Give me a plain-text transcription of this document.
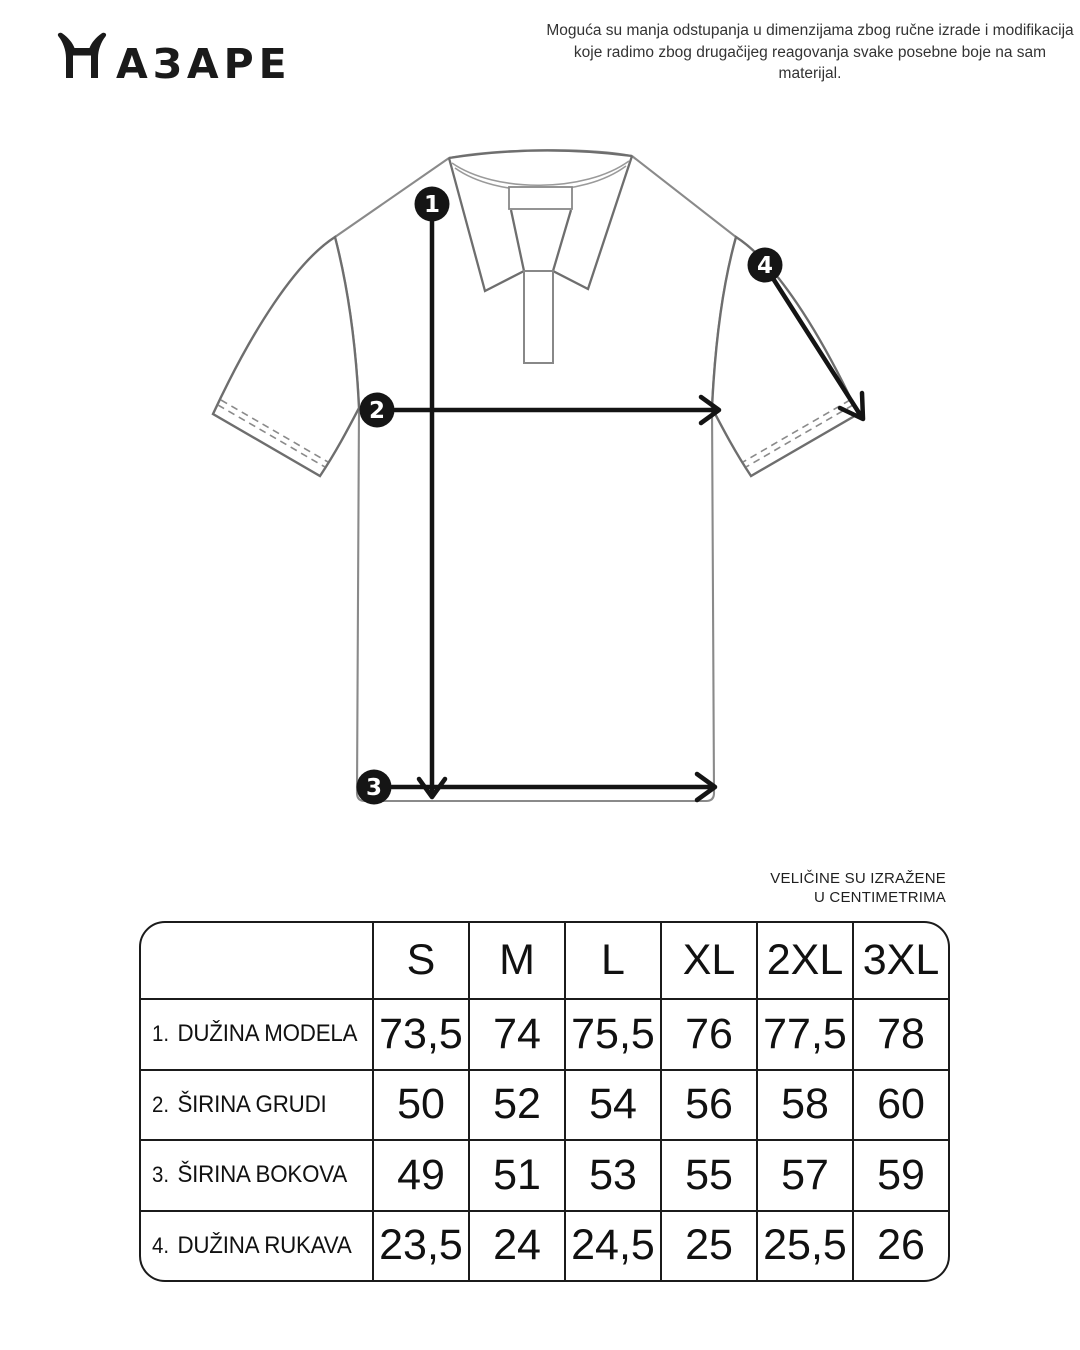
АЗАРЕ
Moguća su manja odstupanja u dimenzijama zbog ručne izrade i modifikacija
koje radimo zbog drugačijeg reagovanja svake posebne boje na sam materijal.
1
2
3
4
VELIČINE SU IZRAŽENE
U CENTIMETRIMA
S	M	L	XL 2XL 3XL
1. DUŽINA MODELA 73,5 74 75,5 76 77,5 78
2. ŠIRINA GRUDI	50	52	54	56	58	60
3. ŠIRINA BOKOVA	49	51	53	55	57	59
4. DUŽINA RUKAVA 23,5 24 24,5 25 25,5 26
